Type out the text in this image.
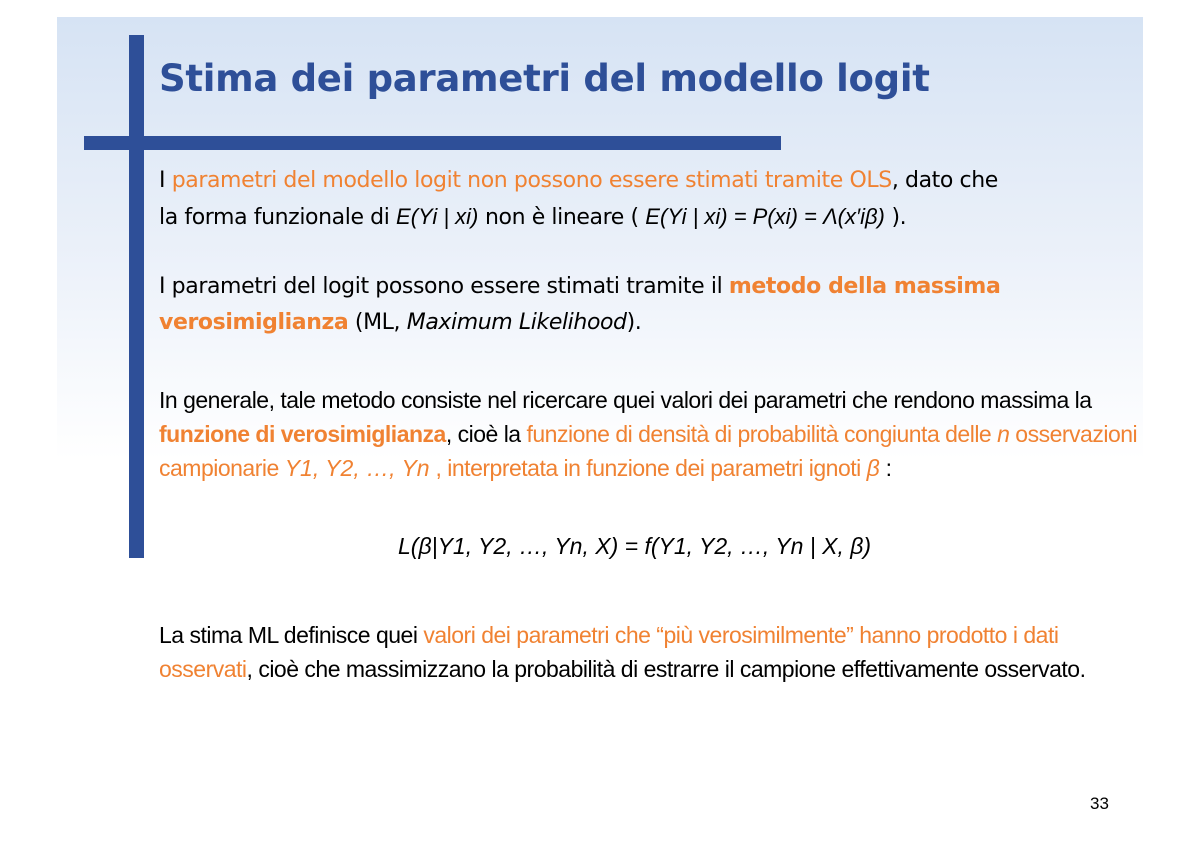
Stima dei parametri del modello logit

I parametri del modello logit non possono essere stimati tramite OLS, dato che
la forma funzionale di E(Yi | xi) non è lineare ( E(Yi | xi) = P(xi) = Λ(x′iβ) ).

I parametri del logit possono essere stimati tramite il metodo della massima verosimiglianza (ML, Maximum Likelihood).

In generale, tale metodo consiste nel ricercare quei valori dei parametri che rendono massima la funzione di verosimiglianza, cioè la funzione di densità di probabilità congiunta delle n osservazioni campionarie Y1, Y2, …, Yn , interpretata in funzione dei parametri ignoti β :

L(β|Y1, Y2, …, Yn, X) = f(Y1, Y2, …, Yn | X, β)

La stima ML definisce quei valori dei parametri che “più verosimilmente” hanno prodotto i dati osservati, cioè che massimizzano la probabilità di estrarre il campione effettivamente osservato.

33
